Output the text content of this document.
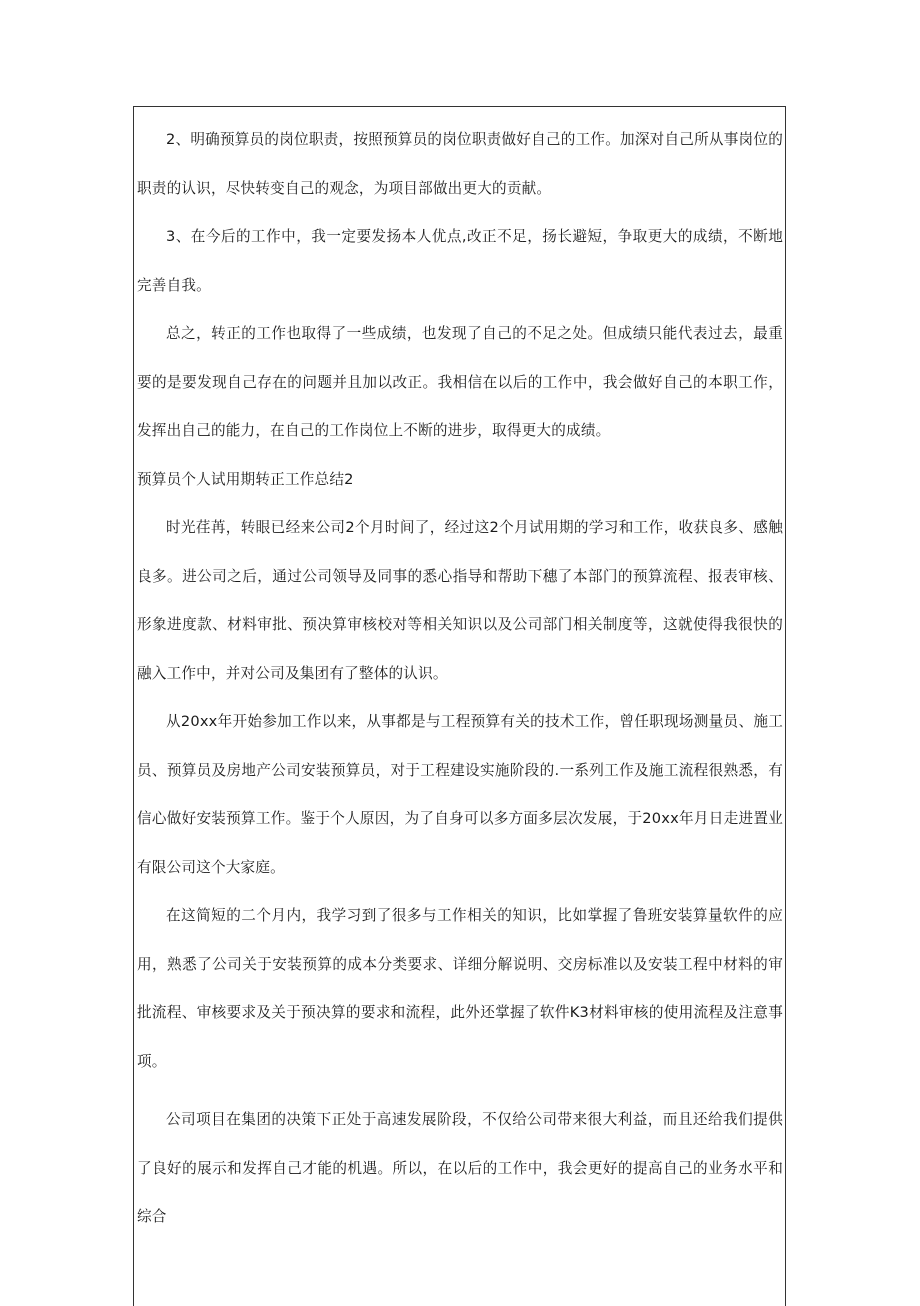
2、明确预算员的岗位职责，按照预算员的岗位职责做好自己的工作。加深对自己所从事岗位的职责的认识，尽快转变自己的观念，为项目部做出更大的贡献。

3、在今后的工作中，我一定要发扬本人优点,改正不足，扬长避短，争取更大的成绩，不断地完善自我。

总之，转正的工作也取得了一些成绩，也发现了自己的不足之处。但成绩只能代表过去，最重要的是要发现自己存在的问题并且加以改正。我相信在以后的工作中，我会做好自己的本职工作，发挥出自己的能力，在自己的工作岗位上不断的进步，取得更大的成绩。

预算员个人试用期转正工作总结2

时光荏苒，转眼已经来公司2个月时间了，经过这2个月试用期的学习和工作，收获良多、感触良多。进公司之后，通过公司领导及同事的悉心指导和帮助下穗了本部门的预算流程、报表审核、形象进度款、材料审批、预决算审核校对等相关知识以及公司部门相关制度等，这就使得我很快的融入工作中，并对公司及集团有了整体的认识。

从20xx年开始参加工作以来，从事都是与工程预算有关的技术工作，曾任职现场测量员、施工员、预算员及房地产公司安装预算员，对于工程建设实施阶段的.一系列工作及施工流程很熟悉，有信心做好安装预算工作。鉴于个人原因，为了自身可以多方面多层次发展，于20xx年月日走进置业有限公司这个大家庭。

在这简短的二个月内，我学习到了很多与工作相关的知识，比如掌握了鲁班安装算量软件的应用，熟悉了公司关于安装预算的成本分类要求、详细分解说明、交房标准以及安装工程中材料的审批流程、审核要求及关于预决算的要求和流程，此外还掌握了软件K3材料审核的使用流程及注意事项。

公司项目在集团的决策下正处于高速发展阶段，不仅给公司带来很大利益，而且还给我们提供了良好的展示和发挥自己才能的机遇。所以，在以后的工作中，我会更好的提高自己的业务水平和综合
